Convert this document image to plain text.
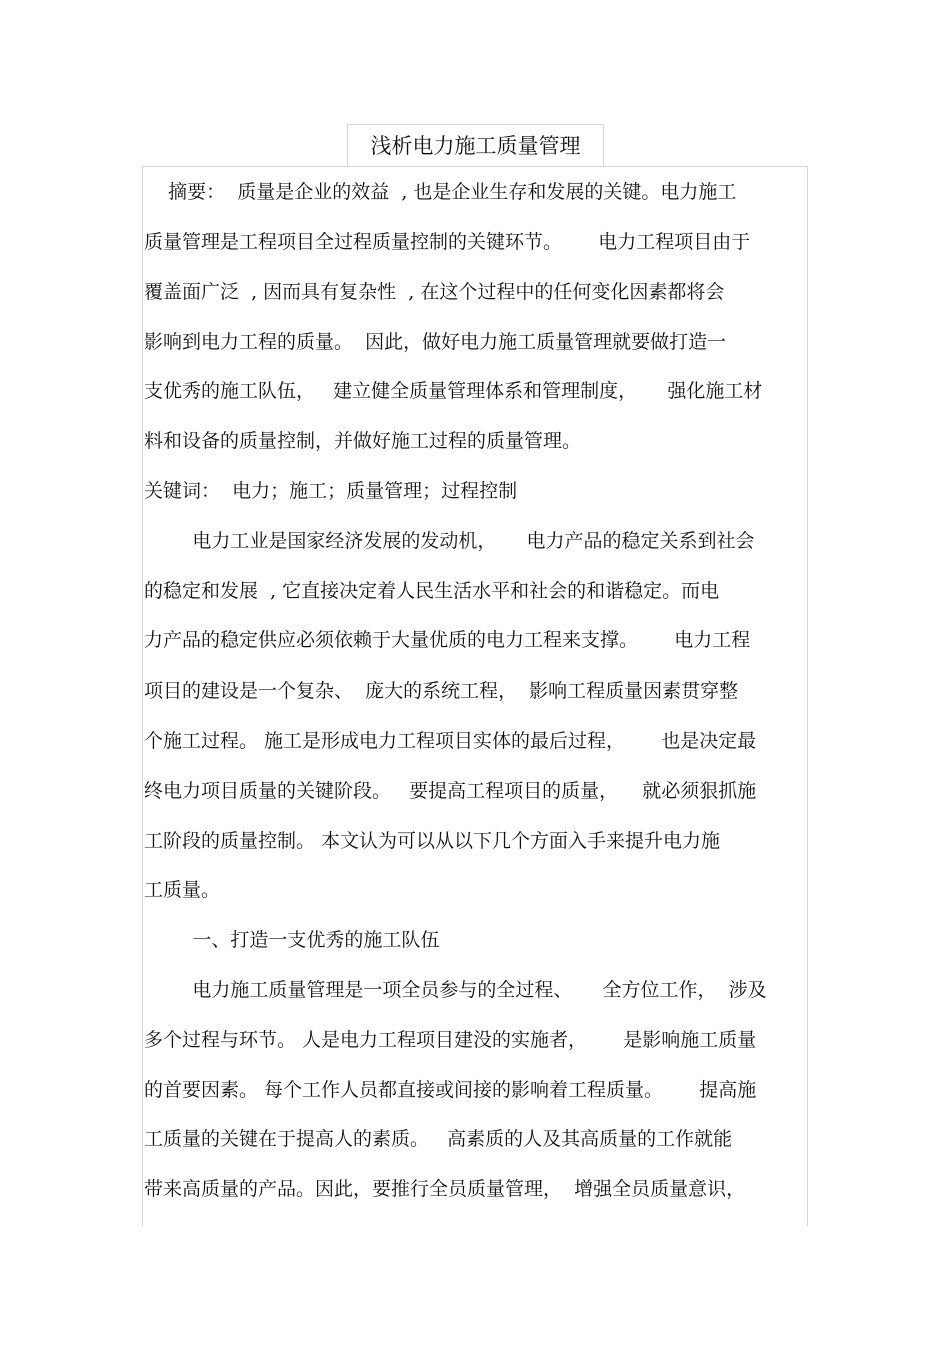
浅析电力施工质量管理
摘要：  质量是企业的效益  , 也是企业生存和发展的关键。电力施工
质量管理是工程项目全过程质量控制的关键环节。      电力工程项目由于
覆盖面广泛  , 因而具有复杂性  , 在这个过程中的任何变化因素都将会
影响到电力工程的质量。  因此，做好电力施工质量管理就要做打造一
支优秀的施工队伍，   建立健全质量管理体系和管理制度，     强化施工材
料和设备的质量控制，并做好施工过程的质量管理。
关键词：  电力；施工；质量管理；过程控制
电力工业是国家经济发展的发动机，     电力产品的稳定关系到社会
的稳定和发展  , 它直接决定着人民生活水平和社会的和谐稳定。而电
力产品的稳定供应必须依赖于大量优质的电力工程来支撑。      电力工程
项目的建设是一个复杂、  庞大的系统工程，  影响工程质量因素贯穿整
个施工过程。 施工是形成电力工程项目实体的最后过程，      也是决定最
终电力项目质量的关键阶段。   要提高工程项目的质量，    就必须狠抓施
工阶段的质量控制。 本文认为可以从以下几个方面入手来提升电力施
工质量。
一、打造一支优秀的施工队伍
电力施工质量管理是一项全员参与的全过程、     全方位工作，  涉及
多个过程与环节。 人是电力工程项目建没的实施者，      是影响施工质量
的首要因素。 每个工作人员都直接或间接的影响着工程质量。      提高施
工质量的关键在于提高人的素质。   高素质的人及其高质量的工作就能
带来高质量的产品。因此，要推行全员质量管理，  增强全员质量意识，
